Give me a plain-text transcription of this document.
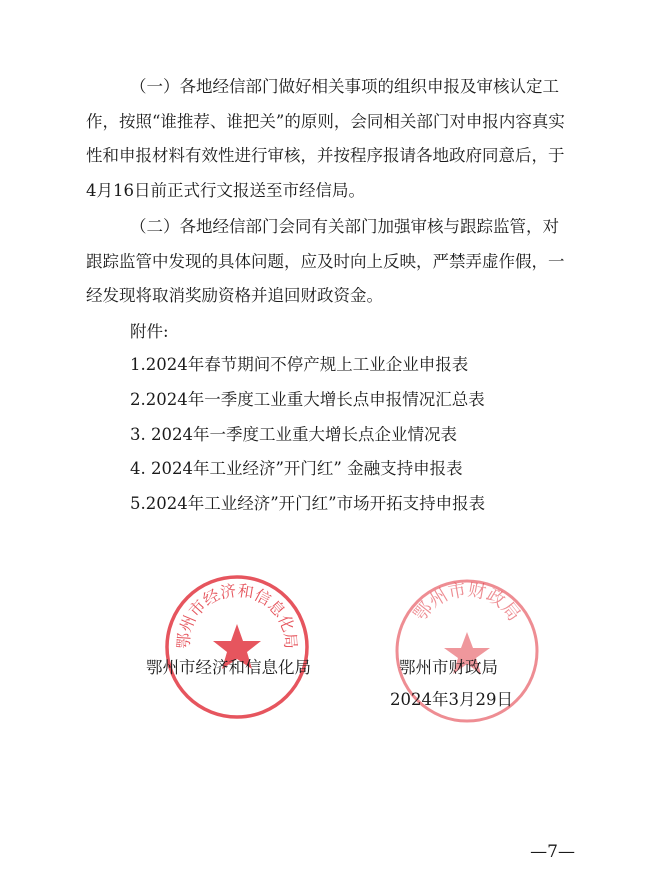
（一）各地经信部门做好相关事项的组织申报及审核认定工作，按照“谁推荐、谁把关”的原则，会同相关部门对申报内容真实性和申报材料有效性进行审核，并按程序报请各地政府同意后，于4月16日前正式行文报送至市经信局。

（二）各地经信部门会同有关部门加强审核与跟踪监管，对跟踪监管中发现的具体问题，应及时向上反映，严禁弄虚作假，一经发现将取消奖励资格并追回财政资金。

附件:
1.2024年春节期间不停产规上工业企业申报表
2.2024年一季度工业重大增长点申报情况汇总表
3. 2024年一季度工业重大增长点企业情况表
4. 2024年工业经济”开门红” 金融支持申报表
5.2024年工业经济”开门红”市场开拓支持申报表
鄂州市经济和信息化局
鄂州市财政局
鄂州市经济和信息化局	鄂州市财政局
2024年3月29日
—7—
